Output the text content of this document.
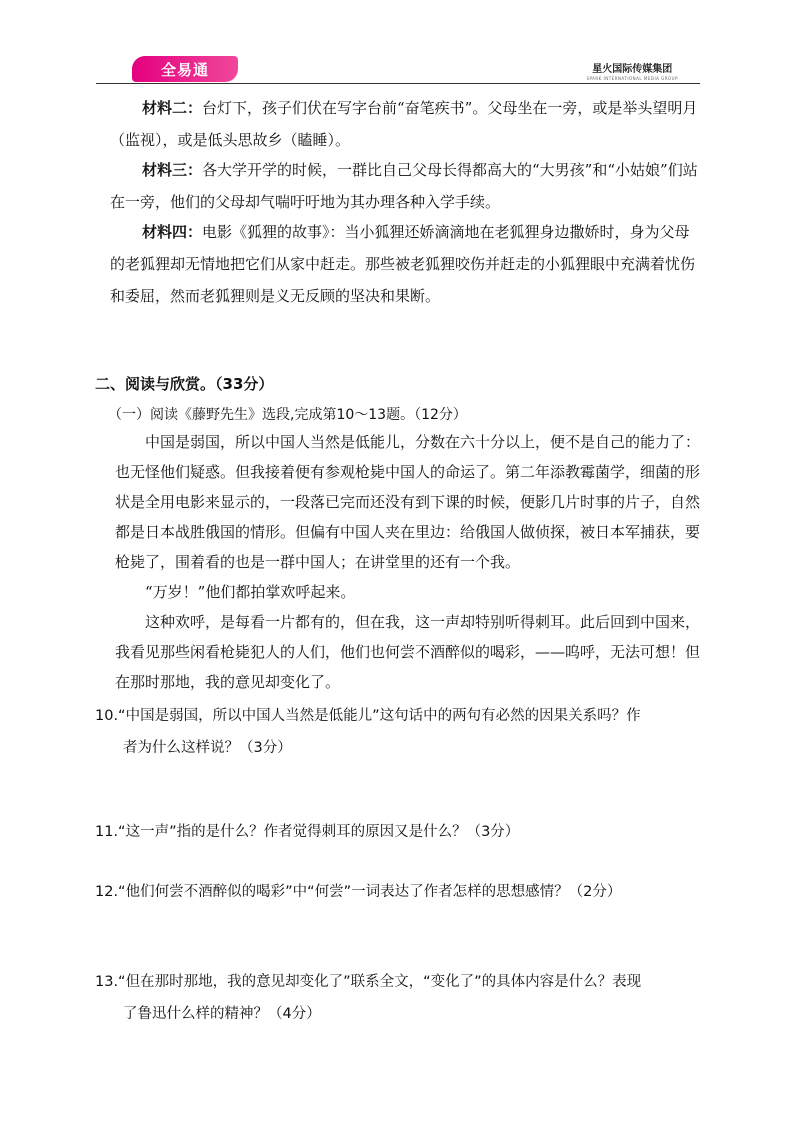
全易通	星火国际传媒集团
SPARK INTERNATIONAL MEDIA GROUP

材料二：台灯下，孩子们伏在写字台前“奋笔疾书”。父母坐在一旁，或是举头望明月（监视），或是低头思故乡（瞌睡）。

材料三：各大学开学的时候，一群比自己父母长得都高大的“大男孩”和“小姑娘”们站在一旁，他们的父母却气喘吁吁地为其办理各种入学手续。

材料四：电影《狐狸的故事》：当小狐狸还娇滴滴地在老狐狸身边撒娇时，身为父母的老狐狸却无情地把它们从家中赶走。那些被老狐狸咬伤并赶走的小狐狸眼中充满着忧伤和委屈，然而老狐狸则是义无反顾的坚决和果断。

二、阅读与欣赏。（33分）
（一）阅读《藤野先生》选段,完成第10～13题。（12分）

中国是弱国，所以中国人当然是低能儿，分数在六十分以上，便不是自己的能力了：也无怪他们疑惑。但我接着便有参观枪毙中国人的命运了。第二年添教霉菌学，细菌的形状是全用电影来显示的，一段落已完而还没有到下课的时候，便影几片时事的片子，自然都是日本战胜俄国的情形。但偏有中国人夹在里边：给俄国人做侦探，被日本军捕获，要枪毙了，围着看的也是一群中国人；在讲堂里的还有一个我。

“万岁！”他们都拍掌欢呼起来。

这种欢呼，是每看一片都有的，但在我，这一声却特别听得刺耳。此后回到中国来，我看见那些闲看枪毙犯人的人们，他们也何尝不酒醉似的喝彩，——呜呼，无法可想！但在那时那地，我的意见却变化了。

10.“中国是弱国，所以中国人当然是低能儿”这句话中的两句有必然的因果关系吗？作
者为什么这样说？（3分）
11.“这一声”指的是什么？作者觉得刺耳的原因又是什么？（3分）
12.“他们何尝不酒醉似的喝彩”中“何尝”一词表达了作者怎样的思想感情？（2分）
13.“但在那时那地，我的意见却变化了”联系全文，“变化了”的具体内容是什么？表现
了鲁迅什么样的精神？（4分）
